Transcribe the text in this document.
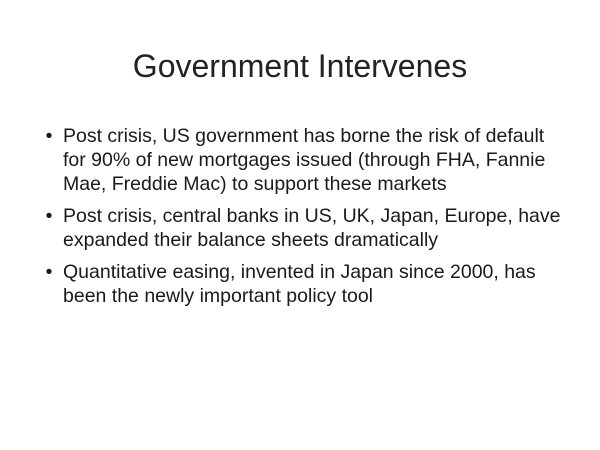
Government Intervenes
• Post crisis, US government has borne the risk of default for 90% of new mortgages issued (through FHA, Fannie Mae, Freddie Mac) to support these markets
• Post crisis, central banks in US, UK, Japan, Europe, have expanded their balance sheets dramatically
• Quantitative easing, invented in Japan since 2000, has been the newly important policy tool
